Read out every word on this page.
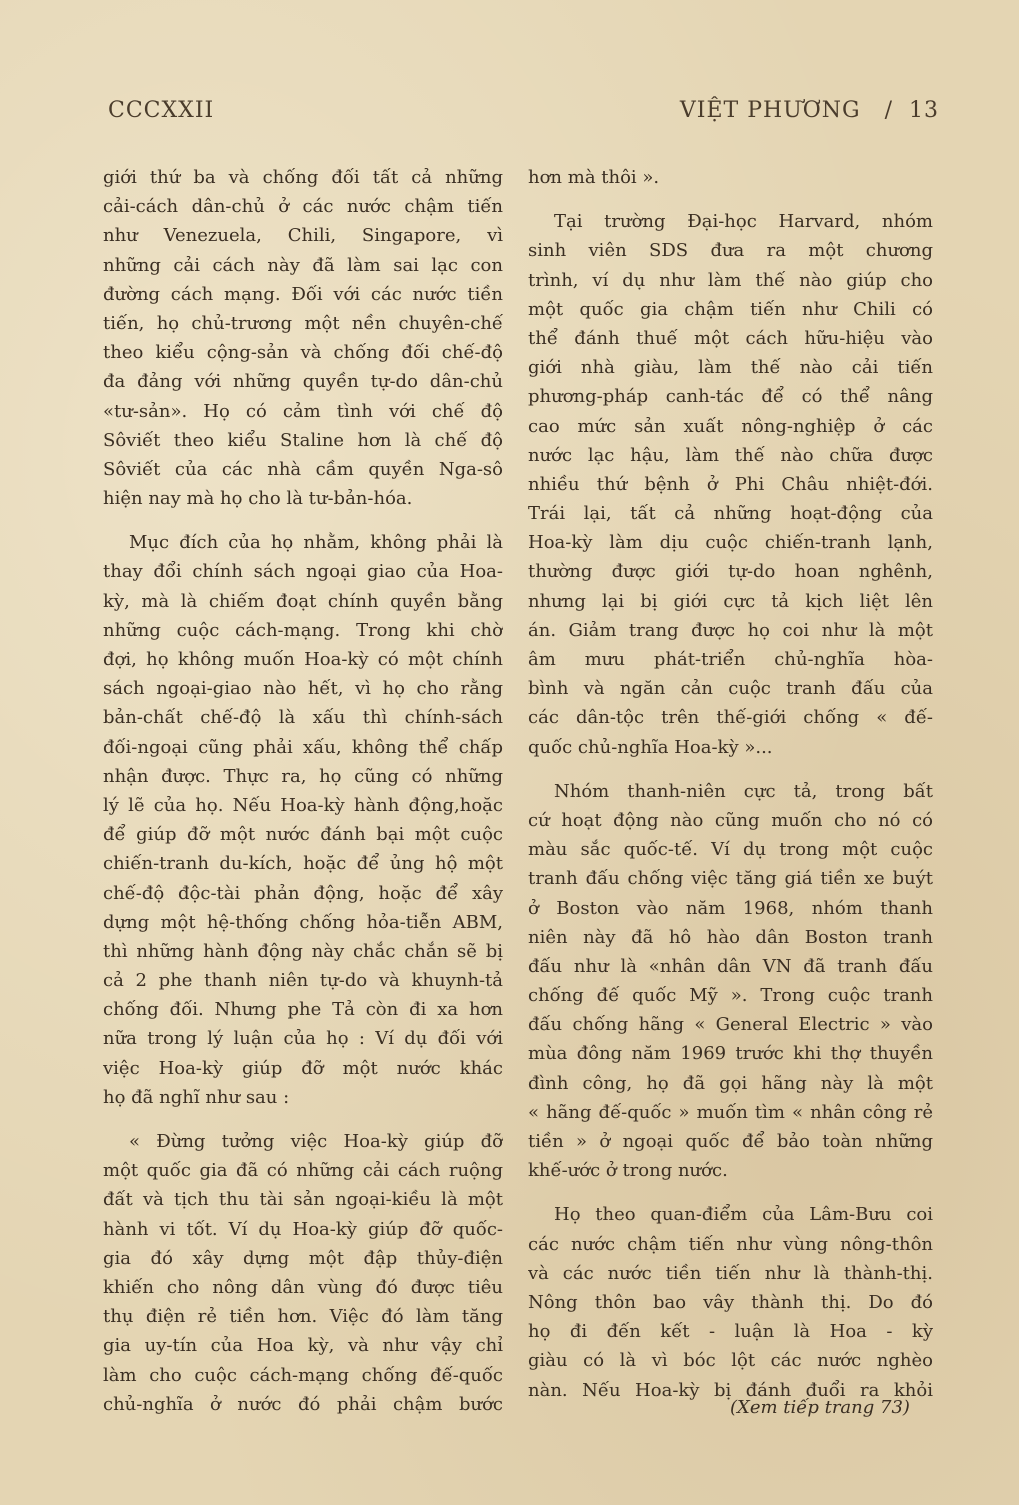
CCCXXII	VIỆT PHƯƠNG   /  13
giới thứ ba và chống đối tất cả những
cải-cách dân-chủ ở các nước chậm tiến
như Venezuela, Chili, Singapore, vì
những cải cách này đã làm sai lạc con
đường cách mạng. Đối với các nước tiền
tiến, họ chủ-trương một nền chuyên-chế
theo kiểu cộng-sản và chống đối chế-độ
đa đảng với những quyền tự-do dân-chủ
«tư-sản». Họ có cảm tình với chế độ
Sôviết theo kiểu Staline hơn là chế độ
Sôviết của các nhà cầm quyền Nga-sô
hiện nay mà họ cho là tư-bản-hóa.
Mục đích của họ nhằm, không phải là
thay đổi chính sách ngoại giao của Hoa-
kỳ, mà là chiếm đoạt chính quyền bằng
những cuộc cách-mạng. Trong khi chờ
đợi, họ không muốn Hoa-kỳ có một chính
sách ngoại-giao nào hết, vì họ cho rằng
bản-chất chế-độ là xấu thì chính-sách
đối-ngoại cũng phải xấu, không thể chấp
nhận được. Thực ra, họ cũng có những
lý lẽ của họ. Nếu Hoa-kỳ hành động,hoặc
để giúp đỡ một nước đánh bại một cuộc
chiến-tranh du-kích, hoặc để ủng hộ một
chế-độ độc-tài phản động, hoặc để xây
dựng một hệ-thống chống hỏa-tiễn ABM,
thì những hành động này chắc chắn sẽ bị
cả 2 phe thanh niên tự-do và khuynh-tả
chống đối. Nhưng phe Tả còn đi xa hơn
nữa trong lý luận của họ : Ví dụ đối với
việc Hoa-kỳ giúp đỡ một nước khác
họ đã nghĩ như sau :
« Đừng tưởng việc Hoa-kỳ giúp đỡ
một quốc gia đã có những cải cách ruộng
đất và tịch thu tài sản ngoại-kiều là một
hành vi tốt. Ví dụ Hoa-kỳ giúp đỡ quốc-
gia đó xây dựng một đập thủy-điện
khiến cho nông dân vùng đó được tiêu
thụ điện rẻ tiền hơn. Việc đó làm tăng
gia uy-tín của Hoa kỳ, và như vậy chỉ
làm cho cuộc cách-mạng chống đế-quốc
chủ-nghĩa ở nước đó phải chậm bước
hơn mà thôi ».
Tại trường Đại-học Harvard, nhóm
sinh viên SDS đưa ra một chương
trình, ví dụ như làm thế nào giúp cho
một quốc gia chậm tiến như Chili có
thể đánh thuế một cách hữu-hiệu vào
giới nhà giàu, làm thế nào cải tiến
phương-pháp canh-tác để có thể nâng
cao mức sản xuất nông-nghiệp ở các
nước lạc hậu, làm thế nào chữa được
nhiều thứ bệnh ở Phi Châu nhiệt-đới.
Trái lại, tất cả những hoạt-động của
Hoa-kỳ làm dịu cuộc chiến-tranh lạnh,
thường được giới tự-do hoan nghênh,
nhưng lại bị giới cực tả kịch liệt lên
án. Giảm trang được họ coi như là một
âm mưu phát-triển chủ-nghĩa hòa-
bình và ngăn cản cuộc tranh đấu của
các dân-tộc trên thế-giới chống « đế-
quốc chủ-nghĩa Hoa-kỳ »...
Nhóm thanh-niên cực tả, trong bất
cứ hoạt động nào cũng muốn cho nó có
màu sắc quốc-tế. Ví dụ trong một cuộc
tranh đấu chống việc tăng giá tiền xe buýt
ở Boston vào năm 1968, nhóm thanh
niên này đã hô hào dân Boston tranh
đấu như là «nhân dân VN đã tranh đấu
chống đế quốc Mỹ ». Trong cuộc tranh
đấu chống hãng « General Electric » vào
mùa đông năm 1969 trước khi thợ thuyền
đình công, họ đã gọi hãng này là một
« hãng đế-quốc » muốn tìm « nhân công rẻ
tiền » ở ngoại quốc để bảo toàn những
khế-ước ở trong nước.
Họ theo quan-điểm của Lâm-Bưu coi
các nước chậm tiến như vùng nông-thôn
và các nước tiền tiến như là thành-thị.
Nông thôn bao vây thành thị. Do đó
họ đi đến kết - luận là Hoa - kỳ
giàu có là vì bóc lột các nước nghèo
nàn. Nếu Hoa-kỳ bị đánh đuổi ra khỏi
(Xem tiếp trang 73)
